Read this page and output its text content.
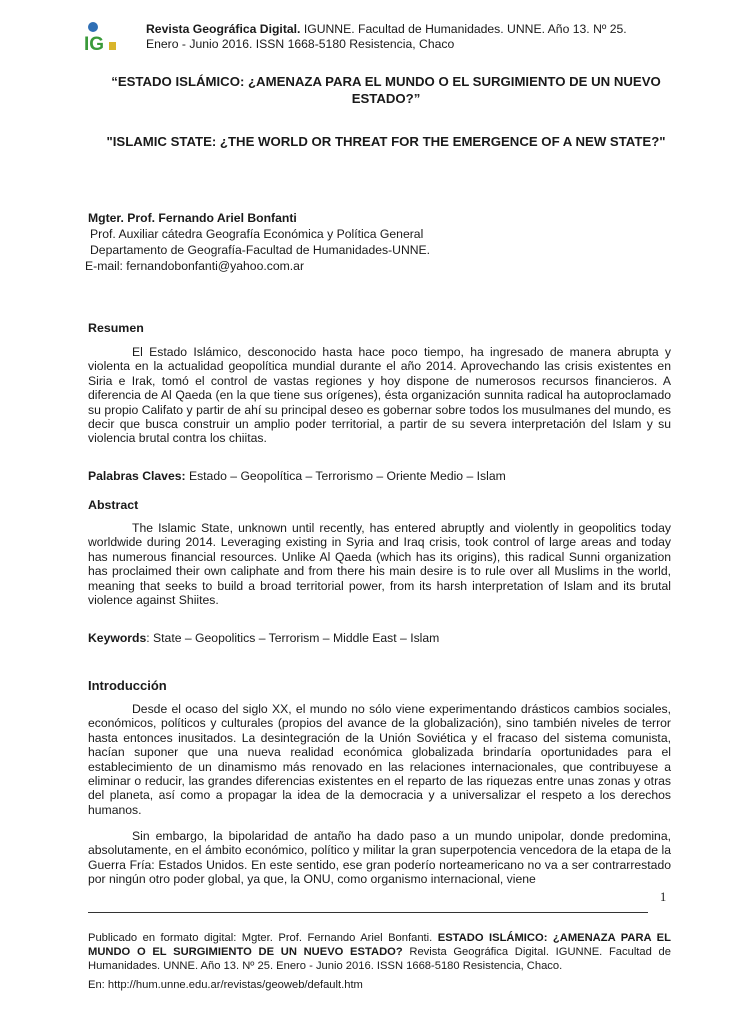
IG
Revista Geográfica Digital. IGUNNE. Facultad de Humanidades. UNNE. Año 13. Nº 25.
Enero - Junio 2016. ISSN 1668-5180 Resistencia, Chaco
“ESTADO ISLÁMICO: ¿AMENAZA PARA EL MUNDO O EL SURGIMIENTO DE UN NUEVO ESTADO?”
"ISLAMIC STATE: ¿THE WORLD OR THREAT FOR THE EMERGENCE OF A NEW STATE?"
Mgter. Prof. Fernando Ariel Bonfanti
Prof. Auxiliar cátedra Geografía Económica y Política General
Departamento de Geografía-Facultad de Humanidades-UNNE.
E-mail: fernandobonfanti@yahoo.com.ar
Resumen
El Estado Islámico, desconocido hasta hace poco tiempo, ha ingresado de manera abrupta y violenta en la actualidad geopolítica mundial durante el año 2014. Aprovechando las crisis existentes en Siria e Irak, tomó el control de vastas regiones y hoy dispone de numerosos recursos financieros. A diferencia de Al Qaeda (en la que tiene sus orígenes), ésta organización sunnita radical ha autoproclamado su propio Califato y partir de ahí su principal deseo es gobernar sobre todos los musulmanes del mundo, es decir que busca construir un amplio poder territorial, a partir de su severa interpretación del Islam y su violencia brutal contra los chiitas.
Palabras Claves: Estado – Geopolítica – Terrorismo – Oriente Medio – Islam
Abstract
The Islamic State, unknown until recently, has entered abruptly and violently in geopolitics today worldwide during 2014. Leveraging existing in Syria and Iraq crisis, took control of large areas and today has numerous financial resources. Unlike Al Qaeda (which has its origins), this radical Sunni organization has proclaimed their own caliphate and from there his main desire is to rule over all Muslims in the world, meaning that seeks to build a broad territorial power, from its harsh interpretation of Islam and its brutal violence against Shiites.
Keywords: State – Geopolitics – Terrorism – Middle East – Islam
Introducción
Desde el ocaso del siglo XX, el mundo no sólo viene experimentando drásticos cambios sociales, económicos, políticos y culturales (propios del avance de la globalización), sino también niveles de terror hasta entonces inusitados. La desintegración de la Unión Soviética y el fracaso del sistema comunista, hacían suponer que una nueva realidad económica globalizada brindaría oportunidades para el establecimiento de un dinamismo más renovado en las relaciones internacionales, que contribuyese a eliminar o reducir, las grandes diferencias existentes en el reparto de las riquezas entre unas zonas y otras del planeta, así como a propagar la idea de la democracia y a universalizar el respeto a los derechos humanos.
Sin embargo, la bipolaridad de antaño ha dado paso a un mundo unipolar, donde predomina, absolutamente, en el ámbito económico, político y militar la gran superpotencia vencedora de la etapa de la Guerra Fría: Estados Unidos. En este sentido, ese gran poderío norteamericano no va a ser contrarrestado por ningún otro poder global, ya que, la ONU, como organismo internacional, viene
1
Publicado en formato digital: Mgter. Prof. Fernando Ariel Bonfanti. ESTADO ISLÁMICO: ¿AMENAZA PARA EL MUNDO O EL SURGIMIENTO DE UN NUEVO ESTADO? Revista Geográfica Digital. IGUNNE. Facultad de Humanidades. UNNE. Año 13. Nº 25. Enero - Junio 2016. ISSN 1668-5180 Resistencia, Chaco.
En: http://hum.unne.edu.ar/revistas/geoweb/default.htm
